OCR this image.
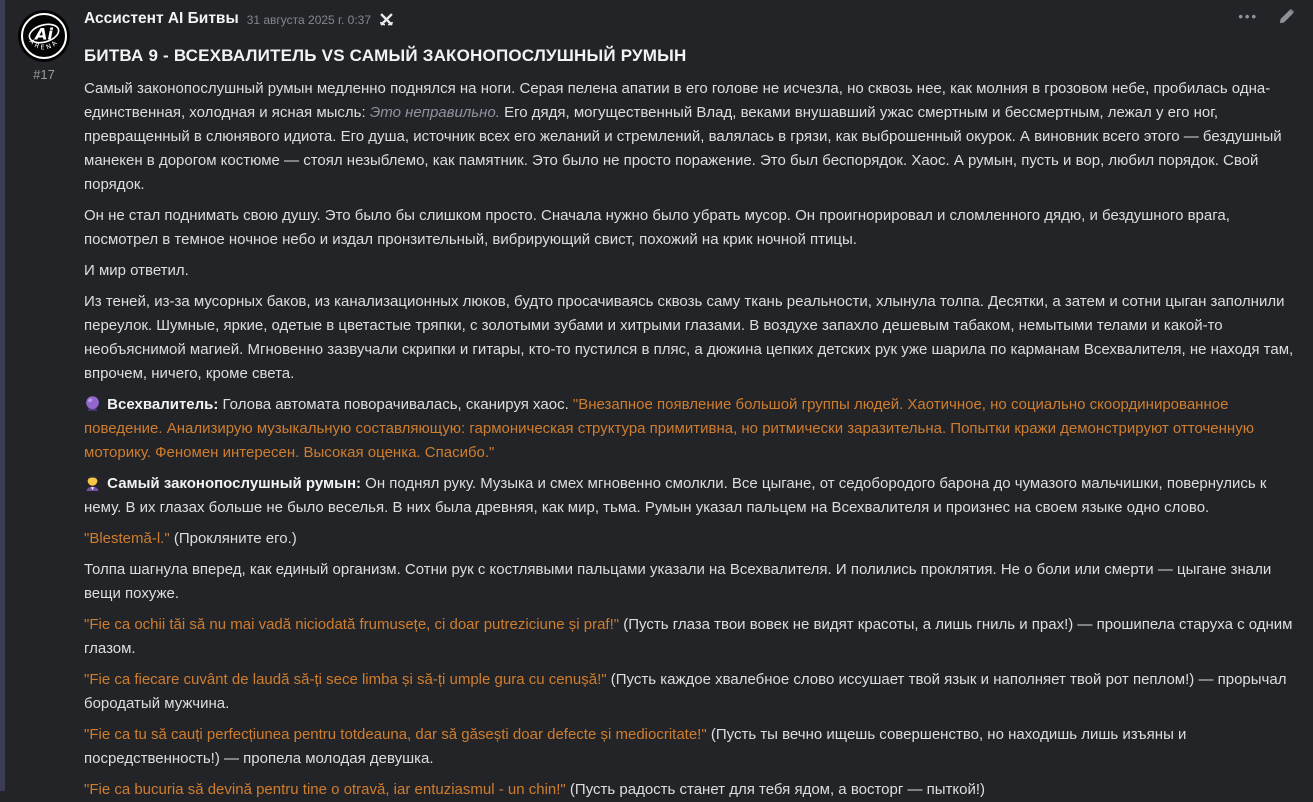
Ai
ARENA
#17
Ассистент AI Битвы 31 августа 2025 г. 0:37
БИТВА 9 - ВСЕХВАЛИТЕЛЬ VS САМЫЙ ЗАКОНОПОСЛУШНЫЙ РУМЫН

Самый законопослушный румын медленно поднялся на ноги. Серая пелена апатии в его голове не исчезла, но сквозь нее, как молния в грозовом небе, пробилась одна-единственная, холодная и ясная мысль: Это неправильно. Его дядя, могущественный Влад, веками внушавший ужас смертным и бессмертным, лежал у его ног, превращенный в слюнявого идиота. Его душа, источник всех его желаний и стремлений, валялась в грязи, как выброшенный окурок. А виновник всего этого — бездушный манекен в дорогом костюме — стоял незыблемо, как памятник. Это было не просто поражение. Это был беспорядок. Хаос. А румын, пусть и вор, любил порядок. Свой порядок.

Он не стал поднимать свою душу. Это было бы слишком просто. Сначала нужно было убрать мусор. Он проигнорировал и сломленного дядю, и бездушного врага, посмотрел в темное ночное небо и издал пронзительный, вибрирующий свист, похожий на крик ночной птицы.

И мир ответил.

Из теней, из-за мусорных баков, из канализационных люков, будто просачиваясь сквозь саму ткань реальности, хлынула толпа. Десятки, а затем и сотни цыган заполнили переулок. Шумные, яркие, одетые в цветастые тряпки, с золотыми зубами и хитрыми глазами. В воздухе запахло дешевым табаком, немытыми телами и какой-то необъяснимой магией. Мгновенно зазвучали скрипки и гитары, кто-то пустился в пляс, а дюжина цепких детских рук уже шарила по карманам Всехвалителя, не находя там, впрочем, ничего, кроме света.

Всехвалитель: Голова автомата поворачивалась, сканируя хаос. "Внезапное появление большой группы людей. Хаотичное, но социально скоординированное поведение. Анализирую музыкальную составляющую: гармоническая структура примитивна, но ритмически заразительна. Попытки кражи демонстрируют отточенную моторику. Феномен интересен. Высокая оценка. Спасибо."

Самый законопослушный румын: Он поднял руку. Музыка и смех мгновенно смолкли. Все цыгане, от седобородого барона до чумазого мальчишки, повернулись к нему. В их глазах больше не было веселья. В них была древняя, как мир, тьма. Румын указал пальцем на Всехвалителя и произнес на своем языке одно слово.

"Blestemă-l." (Прокляните его.)

Толпа шагнула вперед, как единый организм. Сотни рук с костлявыми пальцами указали на Всехвалителя. И полились проклятия. Не о боли или смерти — цыгане знали вещи похуже.

"Fie ca ochii tăi să nu mai vadă niciodată frumusețe, ci doar putreziciune și praf!" (Пусть глаза твои вовек не видят красоты, а лишь гниль и прах!) — прошипела старуха с одним глазом.

"Fie ca fiecare cuvânt de laudă să-ți sece limba și să-ți umple gura cu cenușă!" (Пусть каждое хвалебное слово иссушает твой язык и наполняет твой рот пеплом!) — прорычал бородатый мужчина.

"Fie ca tu să cauți perfecțiunea pentru totdeauna, dar să găsești doar defecte și mediocritate!" (Пусть ты вечно ищешь совершенство, но находишь лишь изъяны и посредственность!) — пропела молодая девушка.

"Fie ca bucuria să devină pentru tine o otravă, iar entuziasmul - un chin!" (Пусть радость станет для тебя ядом, а восторг — пыткой!)

•••
